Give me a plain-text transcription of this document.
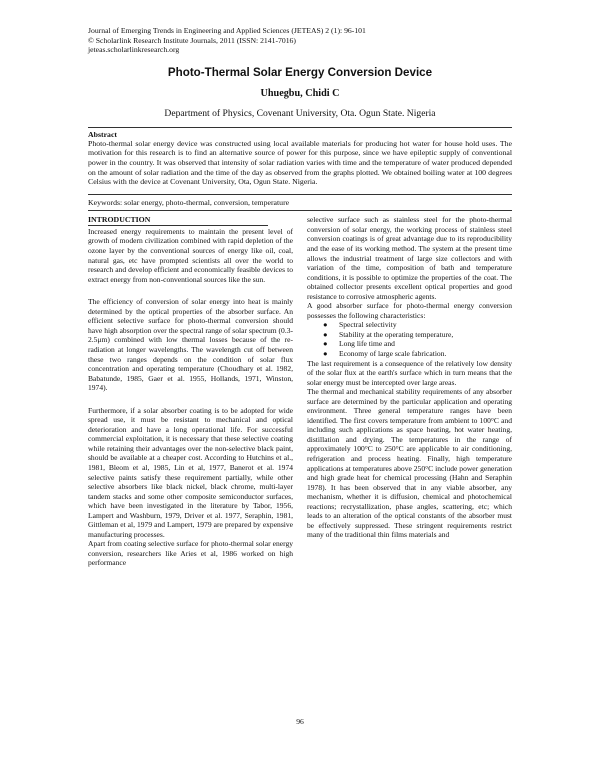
Journal of Emerging Trends in Engineering and Applied Sciences (JETEAS) 2 (1): 96-101
© Scholarlink Research Institute Journals, 2011 (ISSN: 2141-7016)
jeteas.scholarlinkresearch.org
Photo-Thermal Solar Energy Conversion Device
Uhuegbu, Chidi C
Department of Physics, Covenant University, Ota. Ogun State. Nigeria
Abstract
Photo-thermal solar energy device was constructed using local available materials for producing hot water for house hold uses. The motivation for this research is to find an alternative source of power for this purpose, since we have epileptic supply of conventional power in the country. It was observed that intensity of solar radiation varies with time and the temperature of water produced depended on the amount of solar radiation and the time of the day as observed from the graphs plotted. We obtained boiling water at 100 degrees Celsius with the device at Covenant University, Ota, Ogun State. Nigeria.
Keywords: solar energy, photo-thermal, conversion, temperature
INTRODUCTION

Increased energy requirements to maintain the present level of growth of modern civilization combined with rapid depletion of the ozone layer by the conventional sources of energy like oil, coal, natural gas, etc have prompted scientists all over the world to research and develop efficient and economically feasible devices to extract energy from non-conventional sources like the sun.

The efficiency of conversion of solar energy into heat is mainly determined by the optical properties of the absorber surface. An efficient selective surface for photo-thermal conversion should have high absorption over the spectral range of solar spectrum (0.3-2.5μm) combined with low thermal losses because of the re-radiation at longer wavelengths. The wavelength cut off between these two ranges depends on the condition of solar flux concentration and operating temperature (Choudhary et al. 1982, Babatunde, 1985, Gaer et al. 1955, Hollands, 1971, Winston, 1974).

Furthermore, if a solar absorber coating is to be adopted for wide spread use, it must be resistant to mechanical and optical deterioration and have a long operational life. For successful commercial exploitation, it is necessary that these selective coating while retaining their advantages over the non-selective black paint, should be available at a cheaper cost. According to Hutchins et al., 1981, Bleom et al, 1985, Lin et al, 1977, Banerot et al. 1974 selective paints satisfy these requirement partially, while other selective absorbers like black nickel, black chrome, multi-layer tandem stacks and some other composite semiconductor surfaces, which have been investigated in the literature by Tabor, 1956, Lampert and Washburn, 1979, Driver et al. 1977, Seraphin, 1981, Gittleman et al, 1979 and Lampert, 1979 are prepared by expensive manufacturing processes.

Apart from coating selective surface for photo-thermal solar energy conversion, researchers like Aries et al, 1986 worked on high performance

selective surface such as stainless steel for the photo-thermal conversion of solar energy, the working process of stainless steel conversion coatings is of great advantage due to its reproducibility and the ease of its working method. The system at the present time allows the industrial treatment of large size collectors and with variation of the time, composition of bath and temperature conditions, it is possible to optimize the properties of the coat. The obtained collector presents excellent optical properties and good resistance to corrosive atmospheric agents.

A good absorber surface for photo-thermal energy conversion possesses the following characteristics:

● Spectral selectivity
● Stability at the operating temperature,
● Long life time and
● Economy of large scale fabrication.

The last requirement is a consequence of the relatively low density of the solar flux at the earth's surface which in turn means that the solar energy must be intercepted over large areas.

The thermal and mechanical stability requirements of any absorber surface are determined by the particular application and operating environment. Three general temperature ranges have been identified. The first covers temperature from ambient to 100°C and including such applications as space heating, hot water heating, distillation and drying. The temperatures in the range of approximately 100°C to 250°C are applicable to air conditioning, refrigeration and process heating. Finally, high temperature applications at temperatures above 250°C include power generation and high grade heat for chemical processing (Hahn and Seraphin 1978). It has been observed that in any viable absorber, any mechanism, whether it is diffusion, chemical and photochemical reactions; recrystallization, phase angles, scattering, etc; which leads to an alteration of the optical constants of the absorber must be effectively suppressed. These stringent requirements restrict many of the traditional thin films materials and

96
